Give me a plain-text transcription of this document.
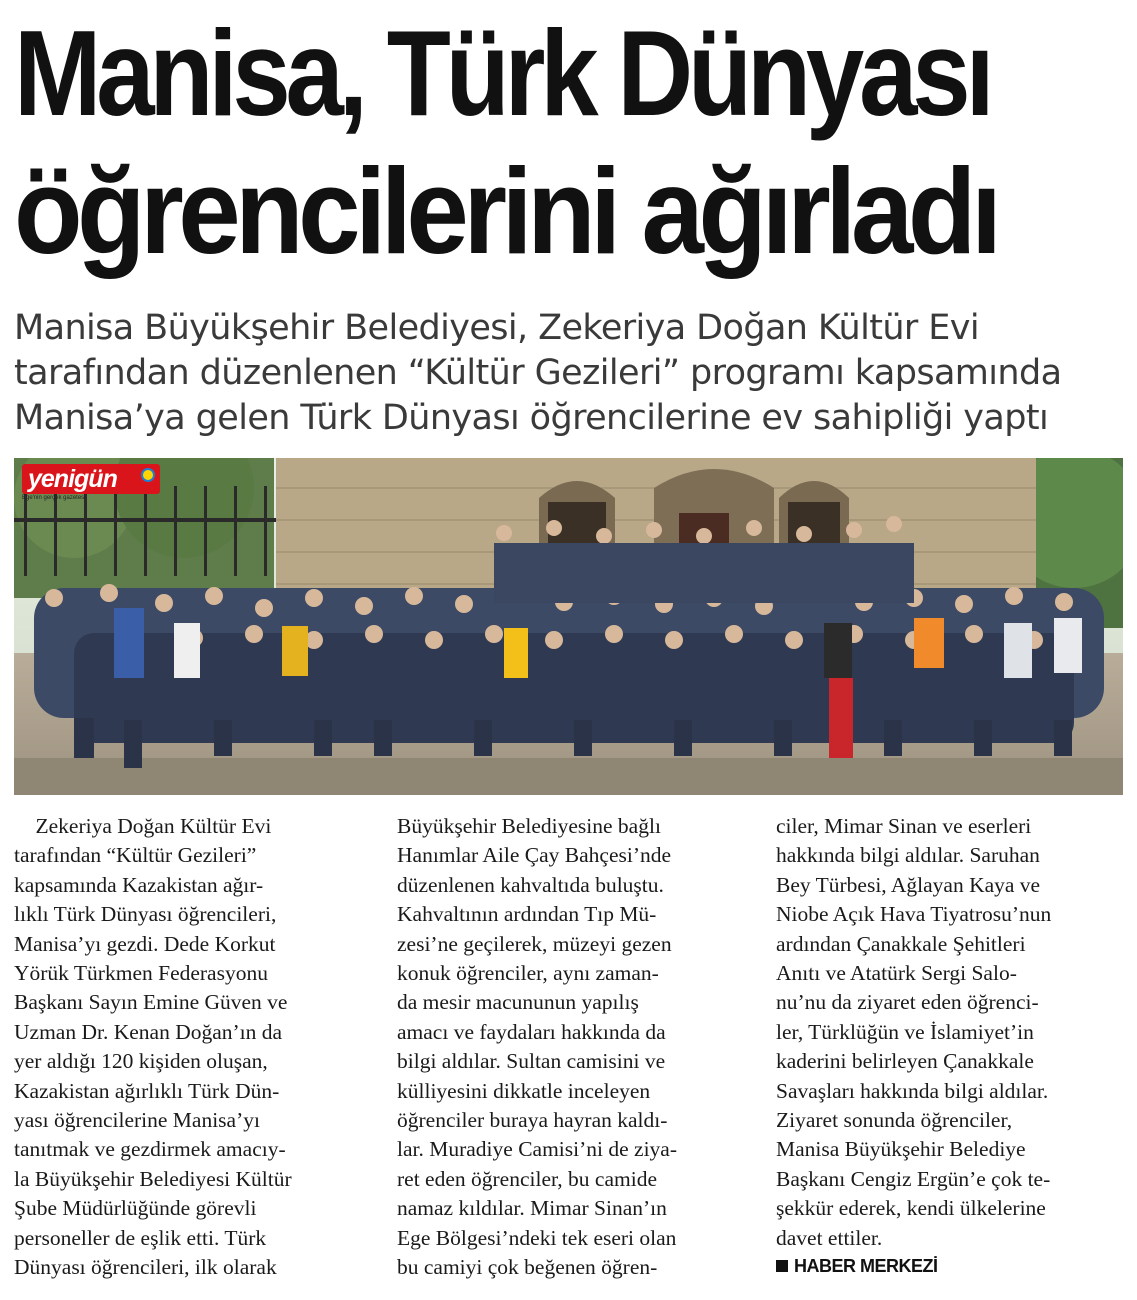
Manisa, Türk Dünyası
öğrencilerini ağırladı
Manisa Büyükşehir Belediyesi, Zekeriya Doğan Kültür Evi
tarafından düzenlenen “Kültür Gezileri” programı kapsamında
Manisa’ya gelen Türk Dünyası öğrencilerine ev sahipliği yaptı
yenigün
Ege'nin gerçek gazetesi
Zekeriya Doğan Kültür Evi
tarafından “Kültür Gezileri”
kapsamında Kazakistan ağır-
lıklı Türk Dünyası öğrencileri,
Manisa’yı gezdi. Dede Korkut
Yörük Türkmen Federasyonu
Başkanı Sayın Emine Güven ve
Uzman Dr. Kenan Doğan’ın da
yer aldığı 120 kişiden oluşan,
Kazakistan ağırlıklı Türk Dün-
yası öğrencilerine Manisa’yı
tanıtmak ve gezdirmek amacıy-
la Büyükşehir Belediyesi Kültür
Şube Müdürlüğünde görevli
personeller de eşlik etti. Türk
Dünyası öğrencileri, ilk olarak
Büyükşehir Belediyesine bağlı
Hanımlar Aile Çay Bahçesi’nde
düzenlenen kahvaltıda buluştu.
Kahvaltının ardından Tıp Mü-
zesi’ne geçilerek, müzeyi gezen
konuk öğrenciler, aynı zaman-
da mesir macununun yapılış
amacı ve faydaları hakkında da
bilgi aldılar. Sultan camisini ve
külliyesini dikkatle inceleyen
öğrenciler buraya hayran kaldı-
lar. Muradiye Camisi’ni de ziya-
ret eden öğrenciler, bu camide
namaz kıldılar. Mimar Sinan’ın
Ege Bölgesi’ndeki tek eseri olan
bu camiyi çok beğenen öğren-
ciler, Mimar Sinan ve eserleri
hakkında bilgi aldılar. Saruhan
Bey Türbesi, Ağlayan Kaya ve
Niobe Açık Hava Tiyatrosu’nun
ardından Çanakkale Şehitleri
Anıtı ve Atatürk Sergi Salo-
nu’nu da ziyaret eden öğrenci-
ler, Türklüğün ve İslamiyet’in
kaderini belirleyen Çanakkale
Savaşları hakkında bilgi aldılar.
Ziyaret sonunda öğrenciler,
Manisa Büyükşehir Belediye
Başkanı Cengiz Ergün’e çok te-
şekkür ederek, kendi ülkelerine
davet ettiler.
HABER MERKEZİ
